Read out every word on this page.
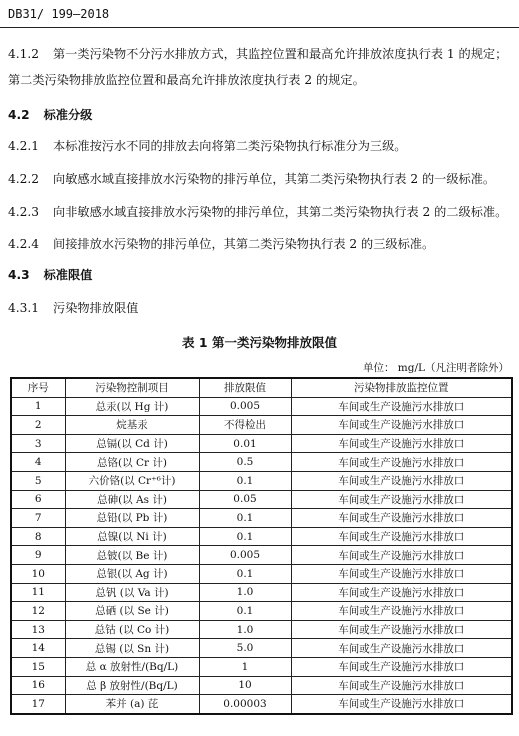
DB31/ 199—2018
4.1.2 第一类污染物不分污水排放方式，其监控位置和最高允许排放浓度执行表 1 的规定；
第二类污染物排放监控位置和最高允许排放浓度执行表 2 的规定。
4.2 标准分级
4.2.1 本标准按污水不同的排放去向将第二类污染物执行标准分为三级。
4.2.2 向敏感水域直接排放水污染物的排污单位，其第二类污染物执行表 2 的一级标准。
4.2.3 向非敏感水域直接排放水污染物的排污单位，其第二类污染物执行表 2 的二级标准。
4.2.4 间接排放水污染物的排污单位，其第二类污染物执行表 2 的三级标准。
4.3 标准限值
4.3.1 污染物排放限值
表 1 第一类污染物排放限值
单位： mg/L（凡注明者除外）
序号	污染物控制项目	排放限值	污染物排放监控位置
1	总汞(以 Hg 计)	0.005	车间或生产设施污水排放口
2	烷基汞	不得检出	车间或生产设施污水排放口
3	总镉(以 Cd 计)	0.01	车间或生产设施污水排放口
4	总铬(以 Cr 计)	0.5	车间或生产设施污水排放口
5	六价铬(以 Cr⁺⁶计)	0.1	车间或生产设施污水排放口
6	总砷(以 As 计)	0.05	车间或生产设施污水排放口
7	总铅(以 Pb 计)	0.1	车间或生产设施污水排放口
8	总镍(以 Ni 计)	0.1	车间或生产设施污水排放口
9	总铍(以 Be 计)	0.005	车间或生产设施污水排放口
10	总银(以 Ag 计)	0.1	车间或生产设施污水排放口
11	总钒 (以 Va 计)	1.0	车间或生产设施污水排放口
12	总硒 (以 Se 计)	0.1	车间或生产设施污水排放口
13	总钴 (以 Co 计)	1.0	车间或生产设施污水排放口
14	总锡 (以 Sn 计)	5.0	车间或生产设施污水排放口
15	总 α 放射性/(Bq/L)	1	车间或生产设施污水排放口
16	总 β 放射性/(Bq/L)	10	车间或生产设施污水排放口
17	苯并 (a) 芘	0.00003	车间或生产设施污水排放口
